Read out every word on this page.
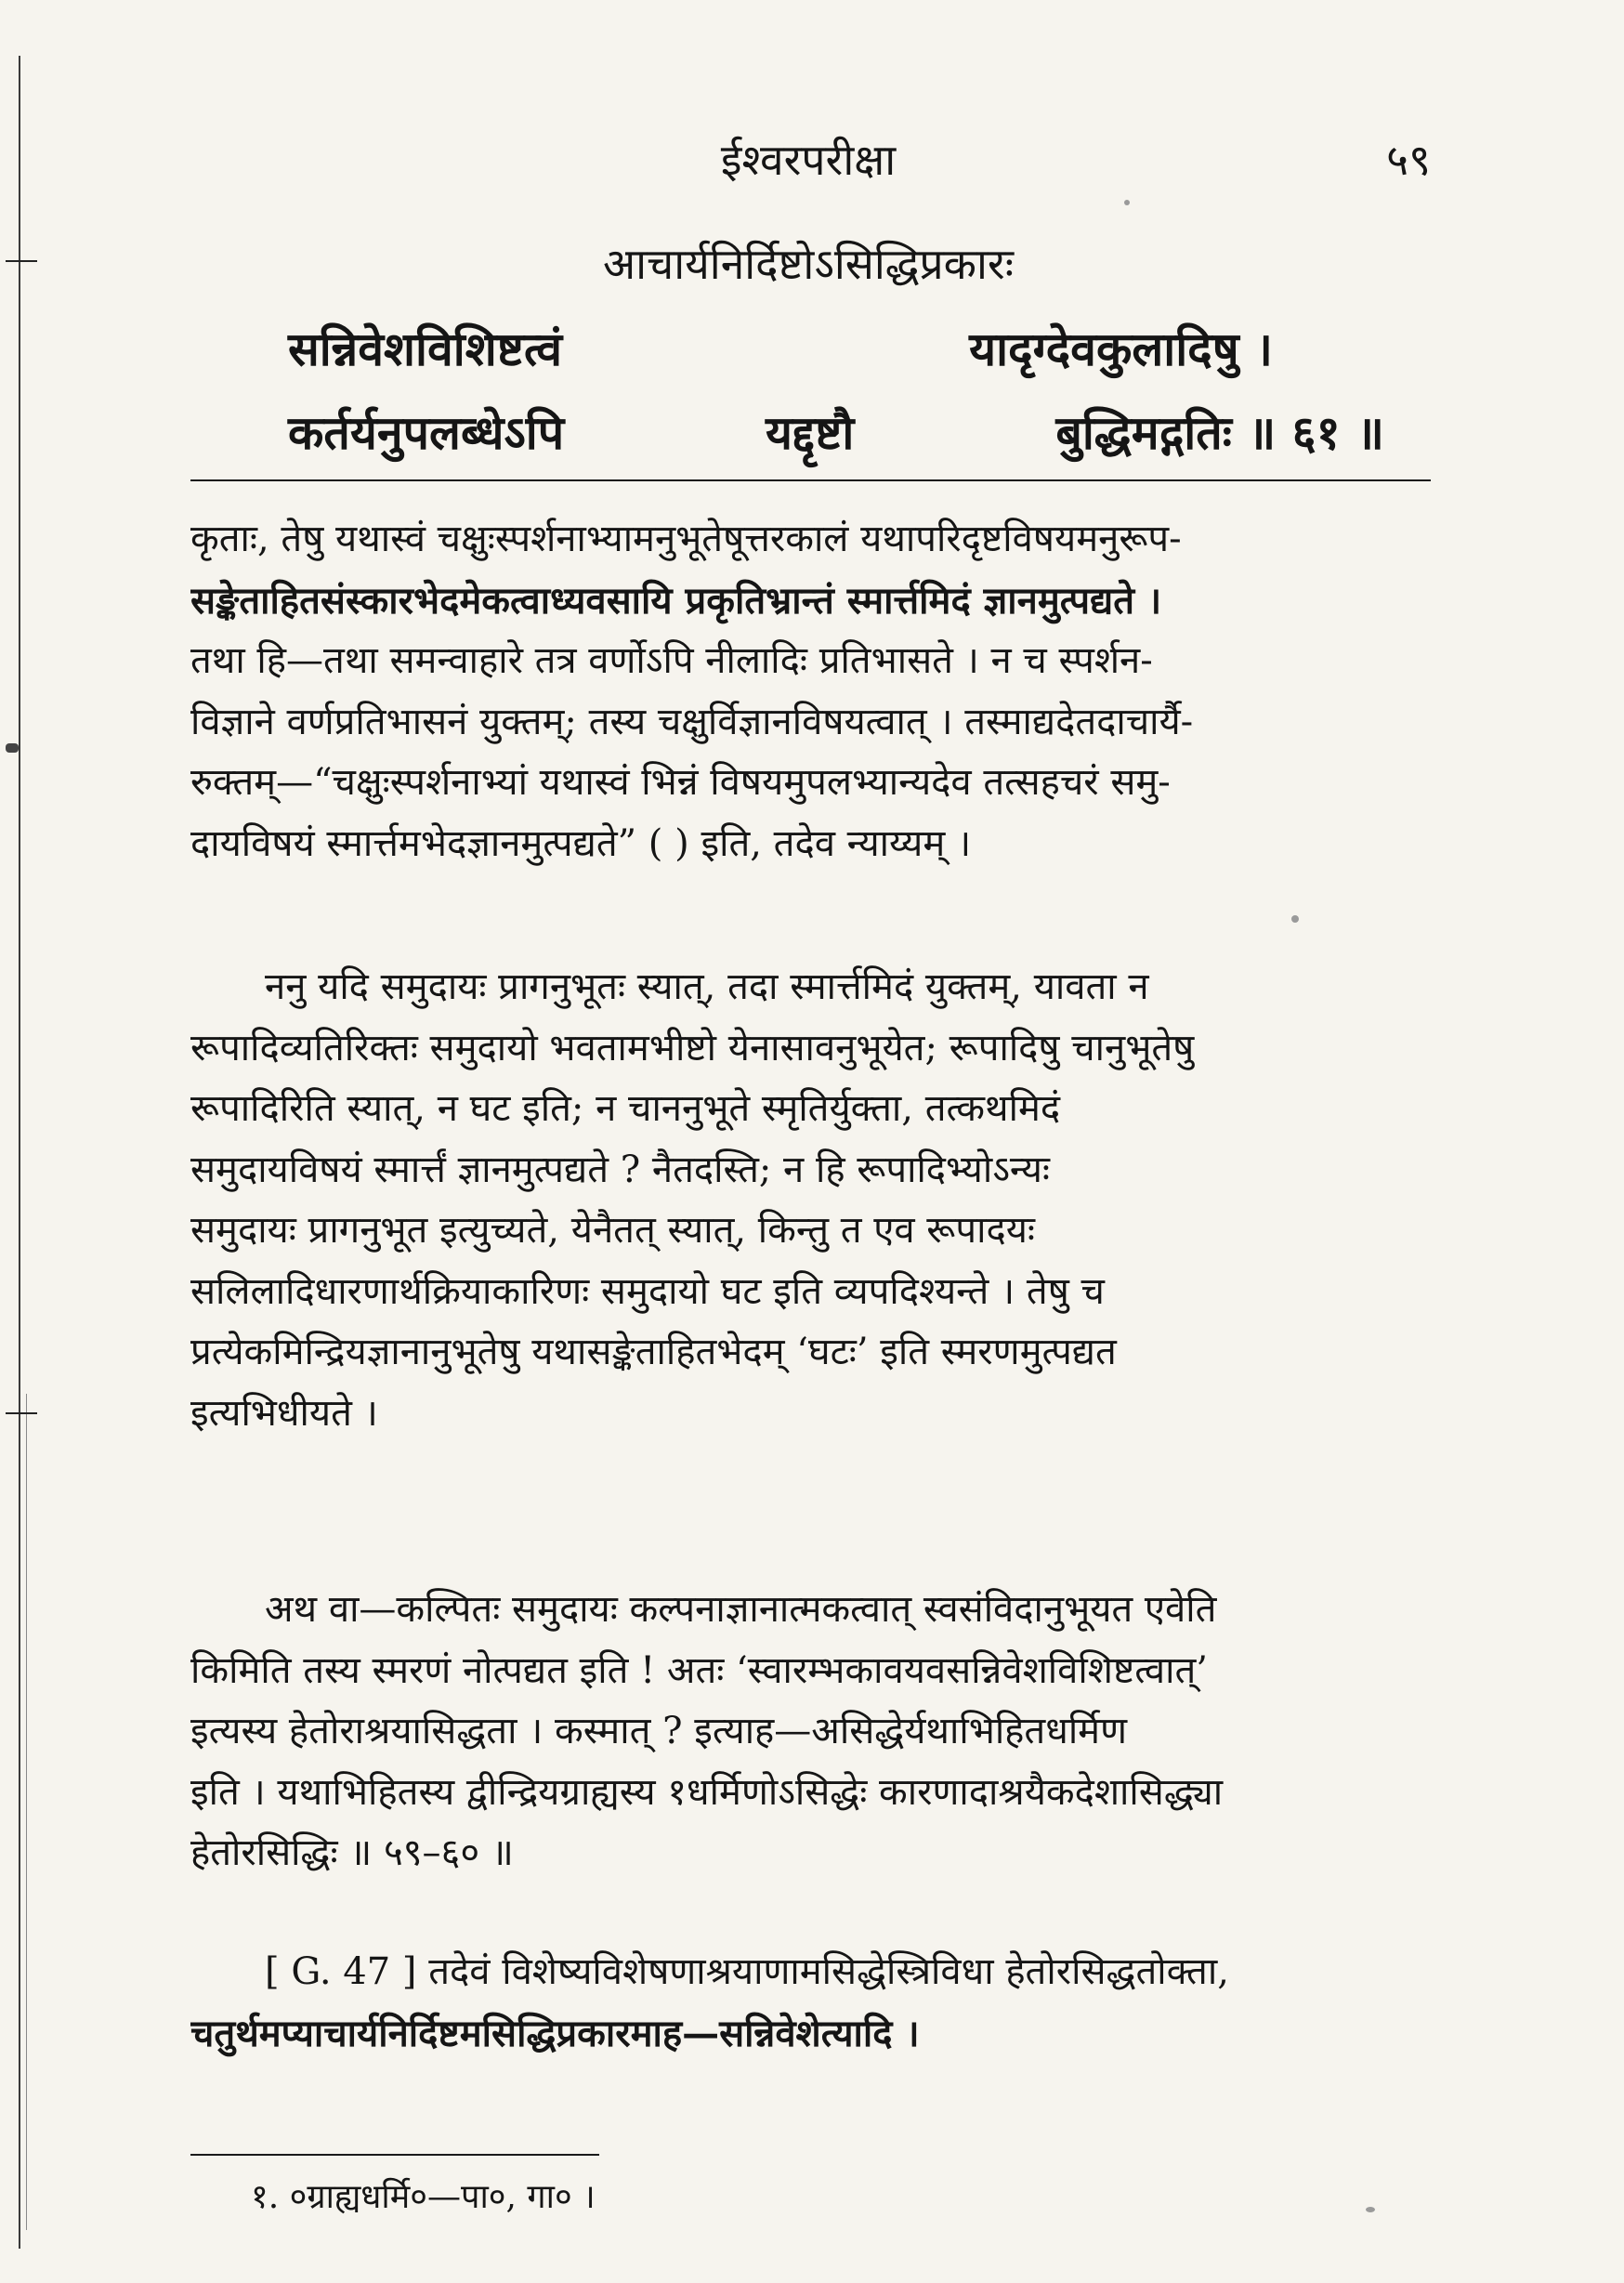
ईश्वरपरीक्षा	५९
आचार्यनिर्दिष्टोऽसिद्धिप्रकारः
सन्निवेशविशिष्टत्वं	यादृग्देवकुलादिषु ।
कर्तर्यनुपलब्धेऽपि	यद्दृष्टौ	बुद्धिमद्गतिः ॥ ६१ ॥
कृताः, तेषु यथास्वं चक्षुःस्पर्शनाभ्यामनुभूतेषूत्तरकालं यथापरिदृष्टविषयमनुरूप-
सङ्केताहितसंस्कारभेदमेकत्वाध्यवसायि प्रकृतिभ्रान्तं स्मार्त्तमिदं ज्ञानमुत्पद्यते ।
तथा हि—तथा समन्वाहारे तत्र वर्णोऽपि नीलादिः प्रतिभासते । न च स्पर्शन-
विज्ञाने वर्णप्रतिभासनं युक्तम्; तस्य चक्षुर्विज्ञानविषयत्वात् । तस्माद्यदेतदाचार्यै-
रुक्तम्—“चक्षुःस्पर्शनाभ्यां यथास्वं भिन्नं विषयमुपलभ्यान्यदेव तत्सहचरं समु-
दायविषयं स्मार्त्तमभेदज्ञानमुत्पद्यते” ( ) इति, तदेव न्याय्यम् ।
ननु यदि समुदायः प्रागनुभूतः स्यात्, तदा स्मार्त्तमिदं युक्तम्, यावता न
रूपादिव्यतिरिक्तः समुदायो भवतामभीष्टो येनासावनुभूयेत; रूपादिषु चानुभूतेषु
रूपादिरिति स्यात्, न घट इति; न चाननुभूते स्मृतिर्युक्ता, तत्कथमिदं
समुदायविषयं स्मार्त्तं ज्ञानमुत्पद्यते ? नैतदस्ति; न हि रूपादिभ्योऽन्यः
समुदायः प्रागनुभूत इत्युच्यते, येनैतत् स्यात्, किन्तु त एव रूपादयः
सलिलादिधारणार्थक्रियाकारिणः समुदायो घट इति व्यपदिश्यन्ते । तेषु च
प्रत्येकमिन्द्रियज्ञानानुभूतेषु यथासङ्केताहितभेदम् ‘घटः’ इति स्मरणमुत्पद्यत
इत्यभिधीयते ।
अथ वा—कल्पितः समुदायः कल्पनाज्ञानात्मकत्वात् स्वसंविदानुभूयत एवेति
किमिति तस्य स्मरणं नोत्पद्यत इति ! अतः ‘स्वारम्भकावयवसन्निवेशविशिष्टत्वात्’
इत्यस्य हेतोराश्रयासिद्धता । कस्मात् ? इत्याह—असिद्धेर्यथाभिहितधर्मिण
इति । यथाभिहितस्य द्वीन्द्रियग्राह्यस्य १धर्मिणोऽसिद्धेः कारणादाश्रयैकदेशासिद्ध्या
हेतोरसिद्धिः ॥ ५९–६० ॥
[ G. 47 ] तदेवं विशेष्यविशेषणाश्रयाणामसिद्धेस्त्रिविधा हेतोरसिद्धतोक्ता,
चतुर्थमप्याचार्यनिर्दिष्टमसिद्धिप्रकारमाह—सन्निवेशेत्यादि ।
१. ०ग्राह्यधर्मि०—पा०, गा० ।
